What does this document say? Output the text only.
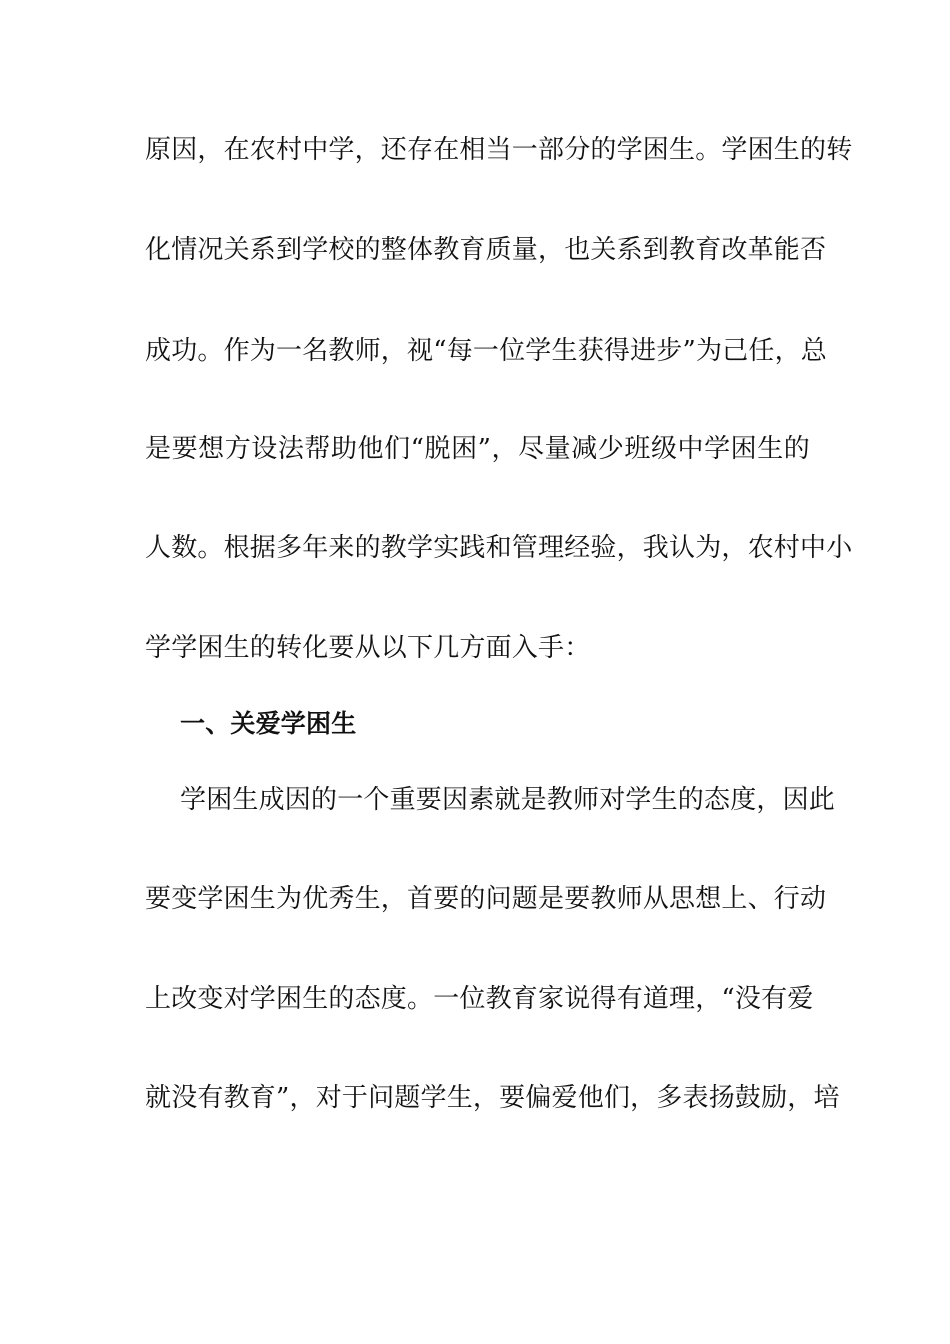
原因，在农村中学，还存在相当一部分的学困生。学困生的转
化情况关系到学校的整体教育质量，也关系到教育改革能否
成功。作为一名教师，视“每一位学生获得进步”为己任，总
是要想方设法帮助他们“脱困”，尽量减少班级中学困生的
人数。根据多年来的教学实践和管理经验，我认为，农村中小
学学困生的转化要从以下几方面入手：
一、关爱学困生
学困生成因的一个重要因素就是教师对学生的态度，因此
要变学困生为优秀生，首要的问题是要教师从思想上、行动
上改变对学困生的态度。一位教育家说得有道理，“没有爱
就没有教育”，对于问题学生，要偏爱他们，多表扬鼓励，培
